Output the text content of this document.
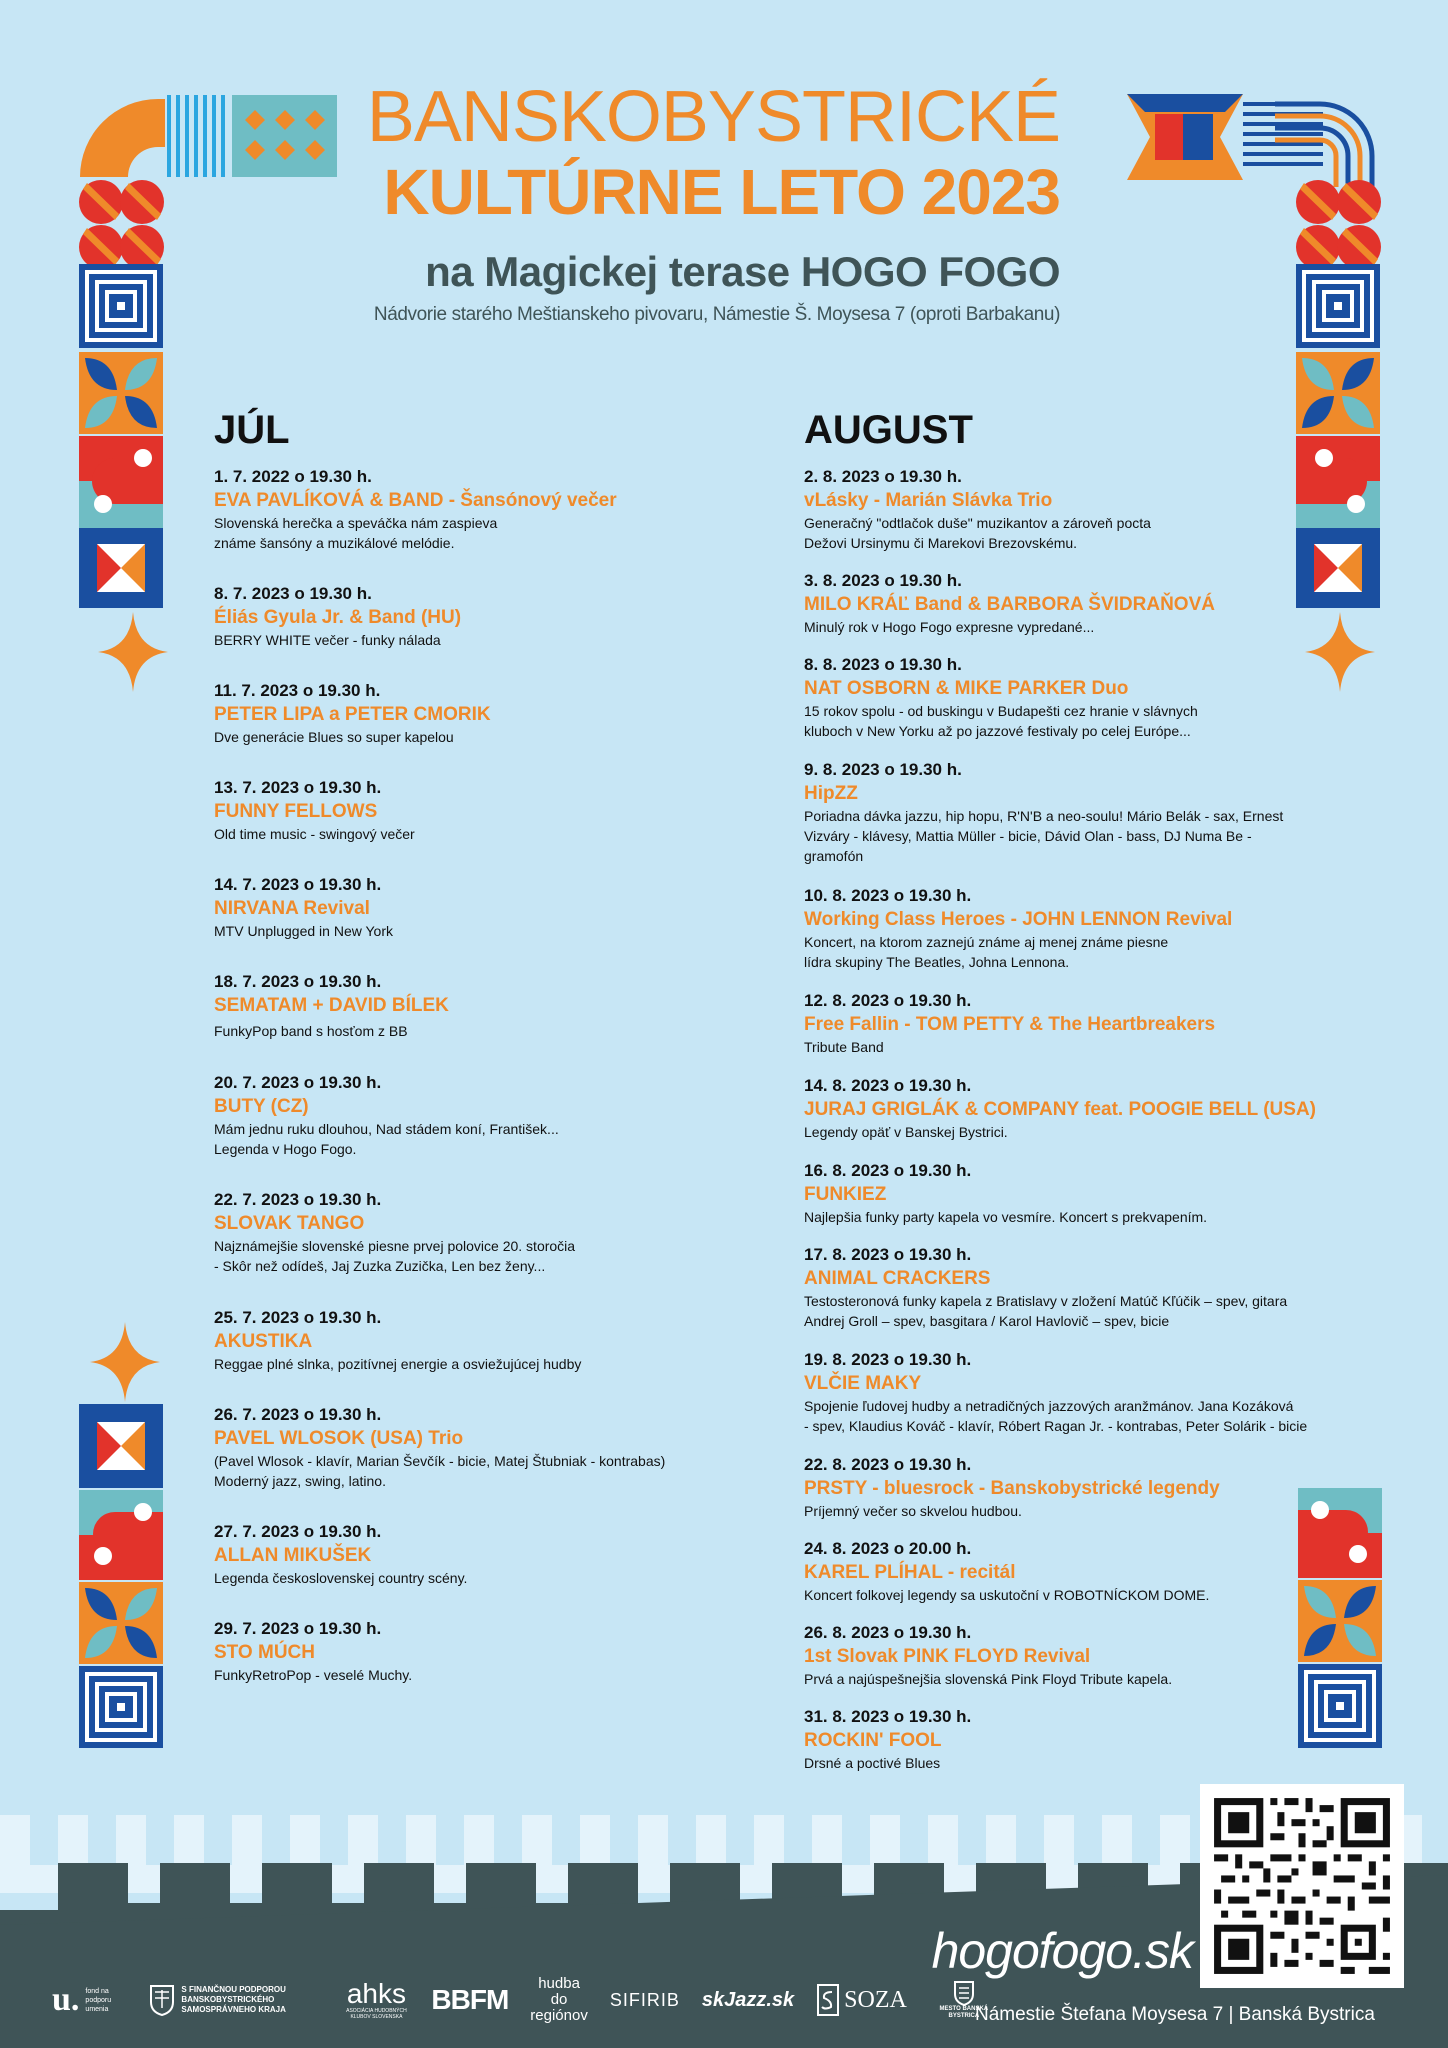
BANSKOBYSTRICKÉ
KULTÚRNE LETO 2023
na Magickej terase HOGO FOGO
Nádvorie starého Meštianskeho pivovaru, Námestie Š. Moysesa 7 (oproti Barbakanu)
JÚL	AUGUST
1. 7. 2022 o 19.30 h.
EVA PAVLÍKOVÁ & BAND - Šansónový večer
Slovenská herečka a speváčka nám zaspieva
známe šansóny a muzikálové melódie.
8. 7. 2023 o 19.30 h.
Éliás Gyula Jr. & Band (HU)
BERRY WHITE večer - funky nálada
11. 7. 2023 o 19.30 h.
PETER LIPA a PETER CMORIK
Dve generácie Blues so super kapelou
13. 7. 2023 o 19.30 h.
FUNNY FELLOWS
Old time music - swingový večer
14. 7. 2023 o 19.30 h.
NIRVANA Revival
MTV Unplugged in New York
18. 7. 2023 o 19.30 h.
SEMATAM + DAVID BÍLEK
FunkyPop band s hosťom z BB
20. 7. 2023 o 19.30 h.
BUTY (CZ)
Mám jednu ruku dlouhou, Nad stádem koní, František...
Legenda v Hogo Fogo.
22. 7. 2023 o 19.30 h.
SLOVAK TANGO
Najznámejšie slovenské piesne prvej polovice 20. storočia
- Skôr než odídeš, Jaj Zuzka Zuzička, Len bez ženy...
25. 7. 2023 o 19.30 h.
AKUSTIKA
Reggae plné slnka, pozitívnej energie a osviežujúcej hudby
26. 7. 2023 o 19.30 h.
PAVEL WLOSOK (USA) Trio
(Pavel Wlosok - klavír, Marian Ševčík - bicie, Matej Štubniak - kontrabas)
Moderný jazz, swing, latino.
27. 7. 2023 o 19.30 h.
ALLAN MIKUŠEK
Legenda československej country scény.
29. 7. 2023 o 19.30 h.
STO MÚCH
FunkyRetroPop - veselé Muchy.
2. 8. 2023 o 19.30 h.
vLásky - Marián Slávka Trio
Generačný "odtlačok duše" muzikantov a zároveň pocta
Dežovi Ursinymu či Marekovi Brezovskému.
3. 8. 2023 o 19.30 h.
MILO KRÁĽ Band & BARBORA ŠVIDRAŇOVÁ
Minulý rok v Hogo Fogo expresne vypredané...
8. 8. 2023 o 19.30 h.
NAT OSBORN & MIKE PARKER Duo
15 rokov spolu - od buskingu v Budapešti cez hranie v slávnych
kluboch v New Yorku až po jazzové festivaly po celej Európe...
9. 8. 2023 o 19.30 h.
HipZZ
Poriadna dávka jazzu, hip hopu, R'N'B a neo-soulu! Mário Belák - sax, Ernest
Vizváry - klávesy, Mattia Müller - bicie, Dávid Olan - bass, DJ Numa Be -
gramofón
10. 8. 2023 o 19.30 h.
Working Class Heroes - JOHN LENNON Revival
Koncert, na ktorom zaznejú známe aj menej známe piesne
lídra skupiny The Beatles, Johna Lennona.
12. 8. 2023 o 19.30 h.
Free Fallin - TOM PETTY & The Heartbreakers
Tribute Band
14. 8. 2023 o 19.30 h.
JURAJ GRIGLÁK & COMPANY feat. POOGIE BELL (USA)
Legendy opäť v Banskej Bystrici.
16. 8. 2023 o 19.30 h.
FUNKIEZ
Najlepšia funky party kapela vo vesmíre. Koncert s prekvapením.
17. 8. 2023 o 19.30 h.
ANIMAL CRACKERS
Testosteronová funky kapela z Bratislavy v zložení Matúč Kľúčik – spev, gitara
Andrej Groll – spev, basgitara / Karol Havlovič – spev, bicie
19. 8. 2023 o 19.30 h.
VLČIE MAKY
Spojenie ľudovej hudby a netradičných jazzových aranžmánov. Jana Kozáková
- spev, Klaudius Kováč - klavír, Róbert Ragan Jr. - kontrabas, Peter Solárik - bicie
22. 8. 2023 o 19.30 h.
PRSTY - bluesrock - Banskobystrické legendy
Príjemný večer so skvelou hudbou.
24. 8. 2023 o 20.00 h.
KAREL PLÍHAL - recitál
Koncert folkovej legendy sa uskutoční v ROBOTNÍCKOM DOME.
26. 8. 2023 o 19.30 h.
1st Slovak PINK FLOYD Revival
Prvá a najúspešnejšia slovenská Pink Floyd Tribute kapela.
31. 8. 2023 o 19.30 h.
ROCKIN' FOOL
Drsné a poctivé Blues
hogofogo.sk
Námestie Štefana Moysesa 7 | Banská Bystrica
u. fond na podporu umenia
S FINANČNOU PODPOROU BANSKOBYSTRICKÉHO SAMOSPRÁVNEHO KRAJA
ahks
ASOCIÁCIA HUDOBNÝCH KLUBOV SLOVENSKA
BBFM
hudba do regiónov
SIFIRIB skJazz.sk SOZA	MESTO BANSKÁ BYSTRICA
